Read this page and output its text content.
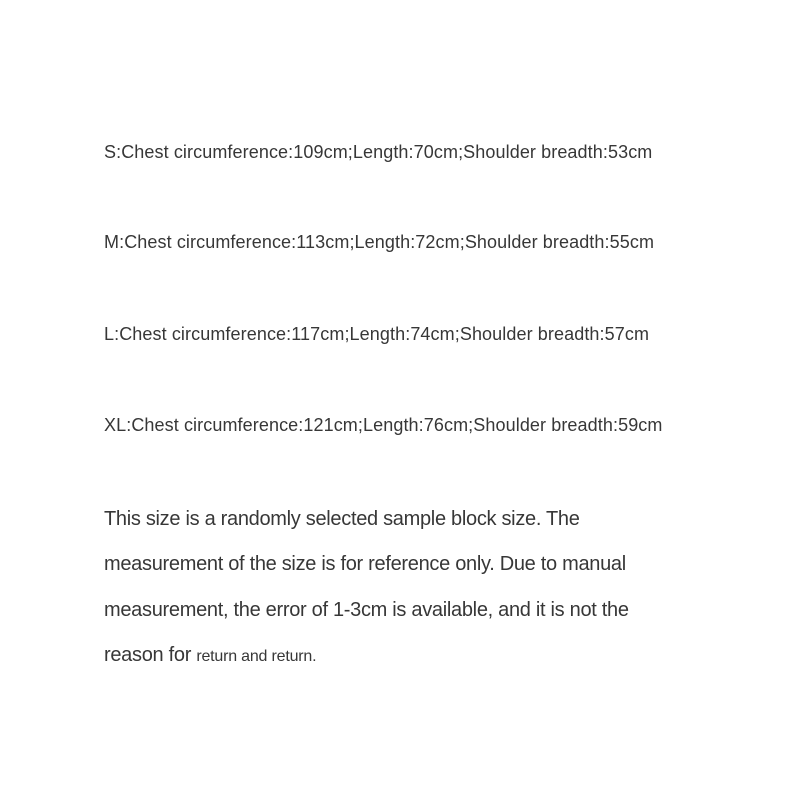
S:Chest circumference:109cm;Length:70cm;Shoulder breadth:53cm
M:Chest circumference:113cm;Length:72cm;Shoulder breadth:55cm
L:Chest circumference:117cm;Length:74cm;Shoulder breadth:57cm
XL:Chest circumference:121cm;Length:76cm;Shoulder breadth:59cm
This size is a randomly selected sample block size. The
measurement of the size is for reference only. Due to manual
measurement, the error of 1-3cm is available, and it is not the
reason for return and return.
